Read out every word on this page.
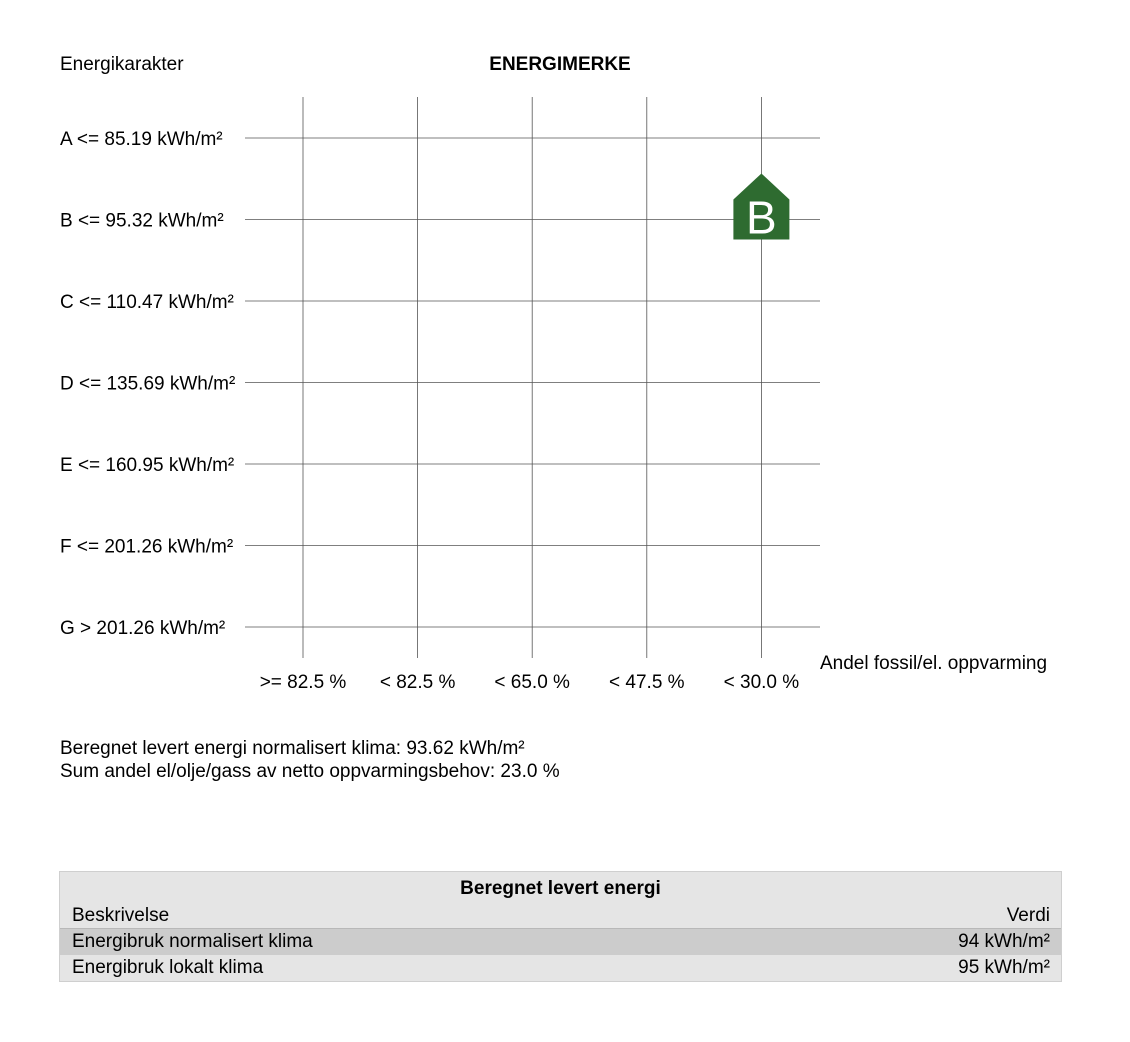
Energikarakter	ENERGIMERKE
>= 82.5 % < 82.5 % < 65.0 % < 47.5 % < 30.0 %
A <= 85.19 kWh/m²
B <= 95.32 kWh/m²
C <= 110.47 kWh/m²
D <= 135.69 kWh/m²
E <= 160.95 kWh/m²
F <= 201.26 kWh/m²
G > 201.26 kWh/m²
Andel fossil/el. oppvarming
B
Beregnet levert energi normalisert klima: 93.62 kWh/m²
Sum andel el/olje/gass av netto oppvarmingsbehov: 23.0 %
Beregnet levert energi
Beskrivelse	Verdi
Energibruk normalisert klima	94 kWh/m²
Energibruk lokalt klima	95 kWh/m²
